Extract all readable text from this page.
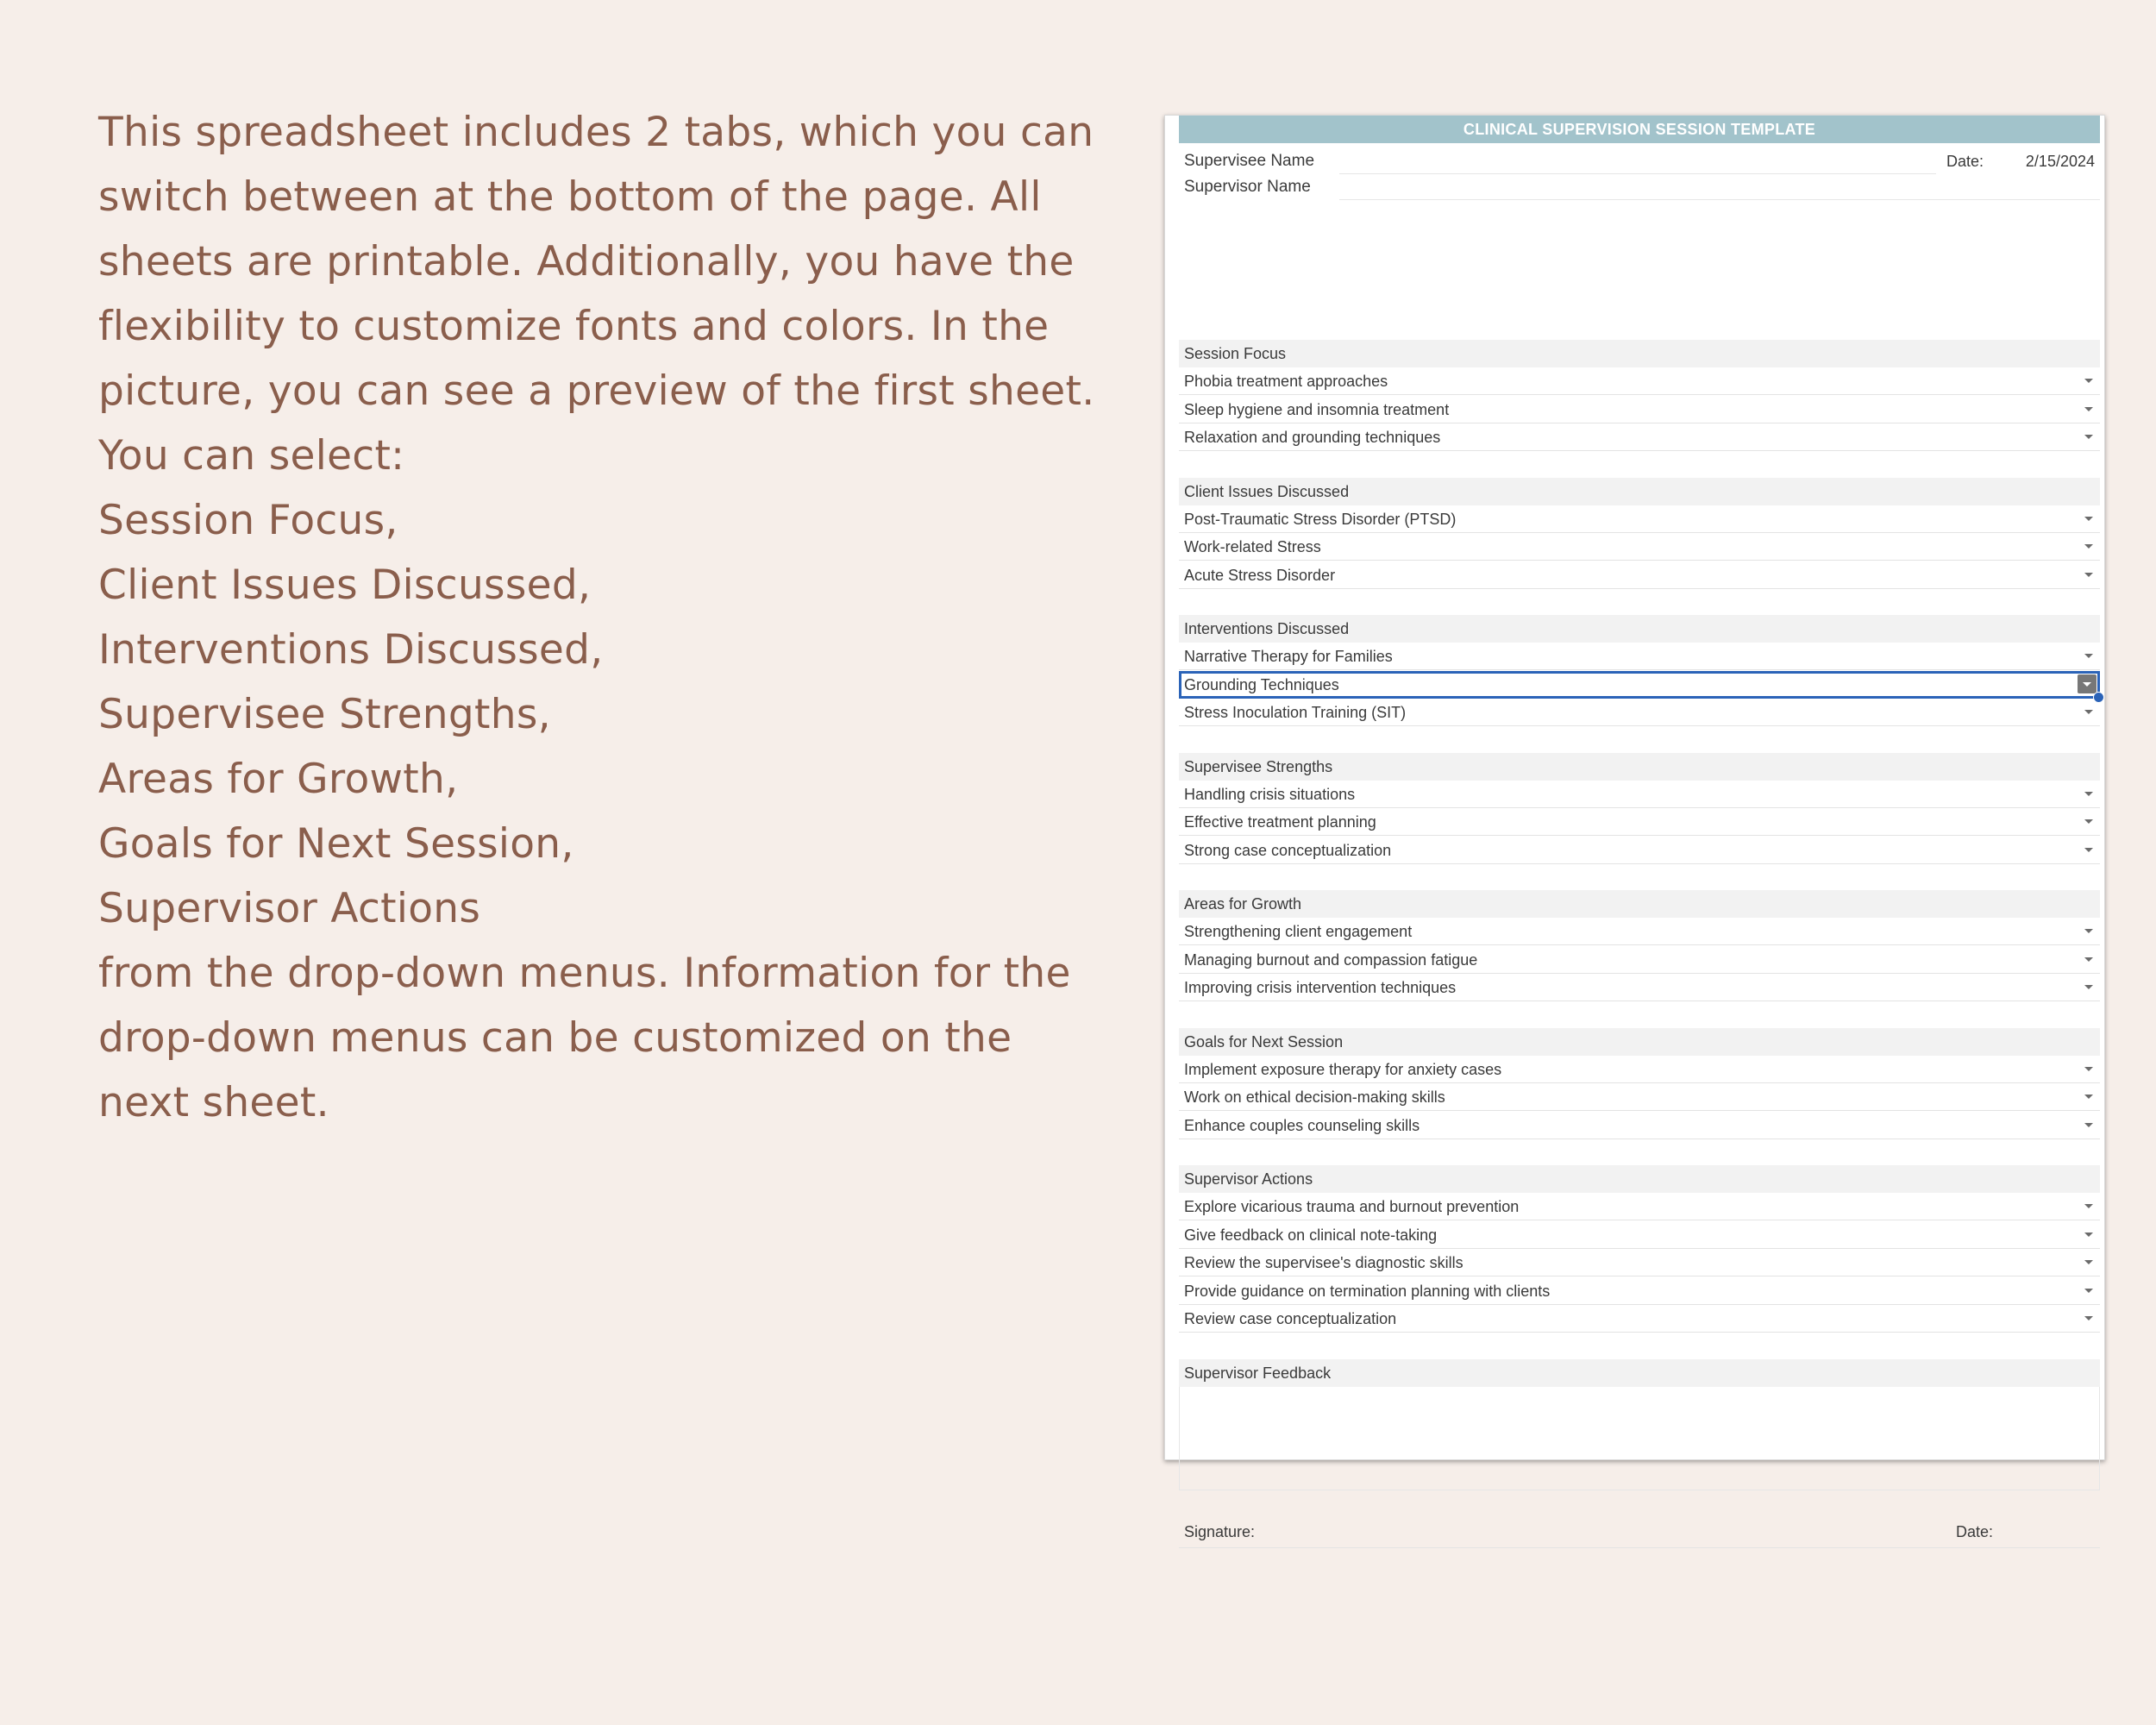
This spreadsheet includes 2 tabs, which you can

switch between at the bottom of the page. All

sheets are printable. Additionally, you have the

flexibility to customize fonts and colors. In the

picture, you can see a preview of the first sheet.

You can select:

Session Focus,

Client Issues Discussed,

Interventions Discussed,

Supervisee Strengths,

Areas for Growth,

Goals for Next Session,

Supervisor Actions

from the drop-down menus. Information for the

drop-down menus can be customized on the

next sheet.

CLINICAL SUPERVISION SESSION TEMPLATE
Supervisee Name	Date:	2/15/2024
Supervisor Name
Session Focus
Phobia treatment approaches
Sleep hygiene and insomnia treatment
Relaxation and grounding techniques
Client Issues Discussed
Post-Traumatic Stress Disorder (PTSD)
Work-related Stress
Acute Stress Disorder
Interventions Discussed
Narrative Therapy for Families
Grounding Techniques
Stress Inoculation Training (SIT)
Supervisee Strengths
Handling crisis situations
Effective treatment planning
Strong case conceptualization
Areas for Growth
Strengthening client engagement
Managing burnout and compassion fatigue
Improving crisis intervention techniques
Goals for Next Session
Implement exposure therapy for anxiety cases
Work on ethical decision-making skills
Enhance couples counseling skills
Supervisor Actions
Explore vicarious trauma and burnout prevention
Give feedback on clinical note-taking
Review the supervisee's diagnostic skills
Provide guidance on termination planning with clients
Review case conceptualization
Supervisor Feedback
Signature:	Date:
